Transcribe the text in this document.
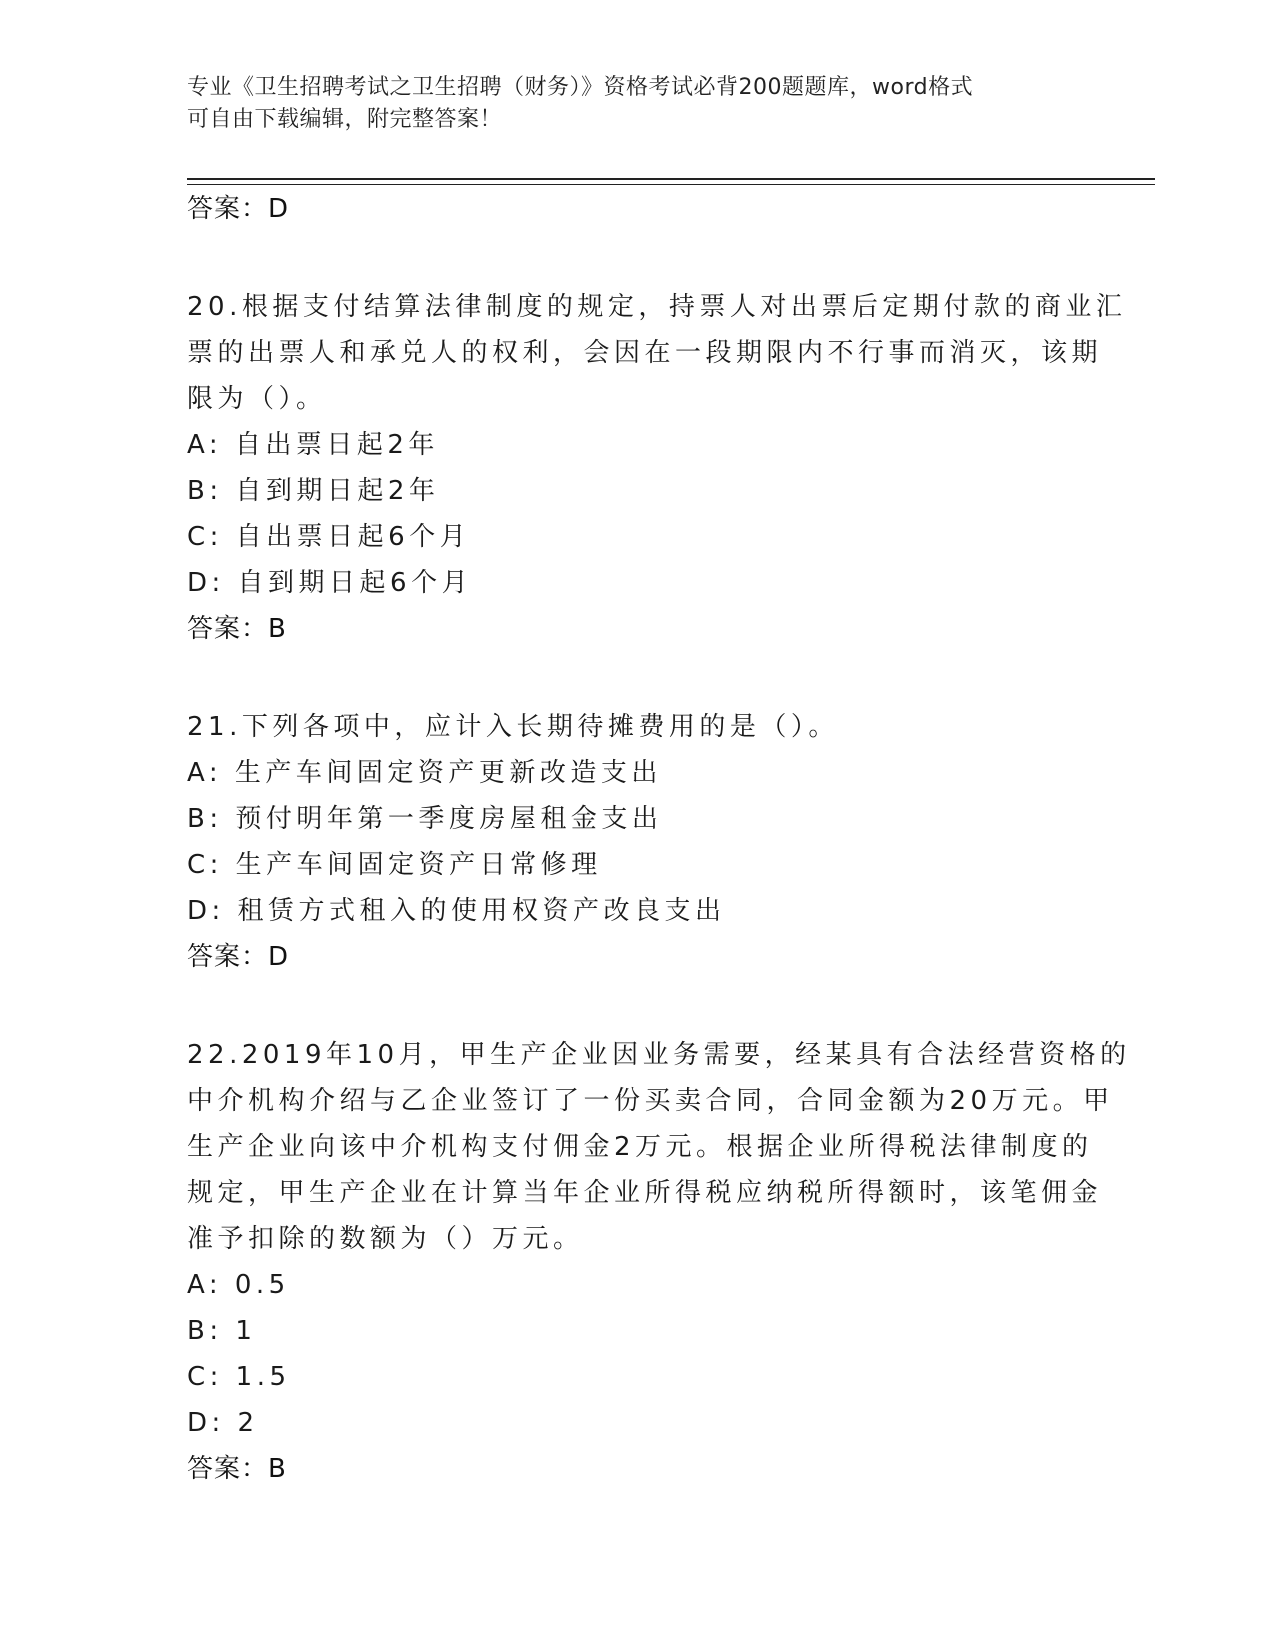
专业《卫生招聘考试之卫生招聘（财务）》资格考试必背200题题库，word格式
可自由下载编辑，附完整答案！
答案：D
20.根据支付结算法律制度的规定，持票人对出票后定期付款的商业汇
票的出票人和承兑人的权利，会因在一段期限内不行事而消灭，该期
限为（）。
A: 自出票日起2年
B: 自到期日起2年
C: 自出票日起6个月
D: 自到期日起6个月
答案：B
21.下列各项中，应计入长期待摊费用的是（）。
A: 生产车间固定资产更新改造支出
B: 预付明年第一季度房屋租金支出
C: 生产车间固定资产日常修理
D: 租赁方式租入的使用权资产改良支出
答案：D
22.2019年10月，甲生产企业因业务需要，经某具有合法经营资格的
中介机构介绍与乙企业签订了一份买卖合同，合同金额为20万元。甲
生产企业向该中介机构支付佣金2万元。根据企业所得税法律制度的
规定，甲生产企业在计算当年企业所得税应纳税所得额时，该笔佣金
准予扣除的数额为（）万元。
A: 0.5
B: 1
C: 1.5
D: 2
答案：B
